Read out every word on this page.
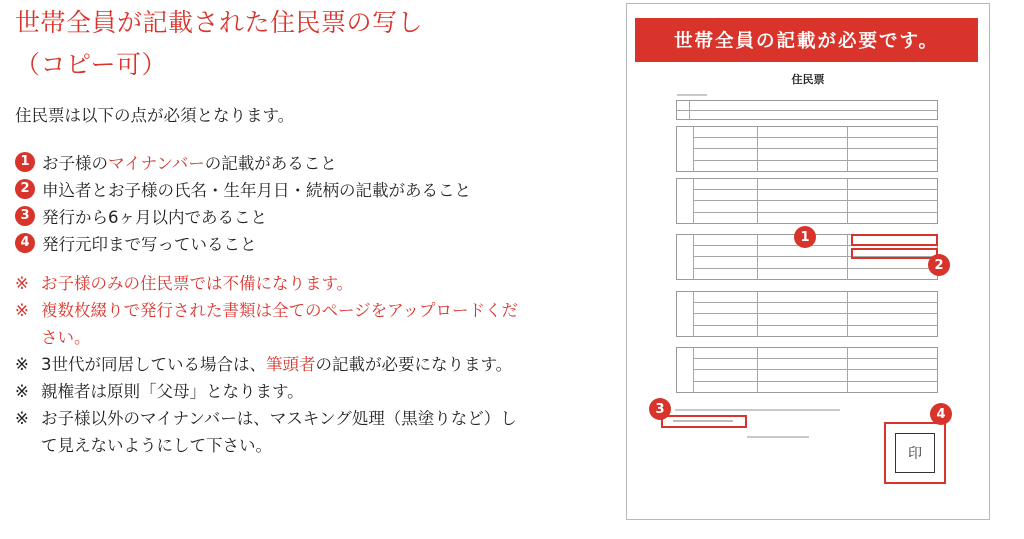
世帯全員が記載された住民票の写し
（コピー可）

住民票は以下の点が必須となります。

1 お子様のマイナンバーの記載があること
2 申込者とお子様の氏名・生年月日・続柄の記載があること
3 発行から6ヶ月以内であること
4 発行元印まで写っていること
※ お子様のみの住民票では不備になります。
※ 複数枚綴りで発行された書類は全てのページをアップロードください。
※ 3世代が同居している場合は、筆頭者の記載が必要になります。
※ 親権者は原則「父母」となります。
※ お子様以外のマイナンバーは、マスキング処理（黒塗りなど）して見えないようにして下さい。
世帯全員の記載が必要です。
住民票
印
1
2
3	4
